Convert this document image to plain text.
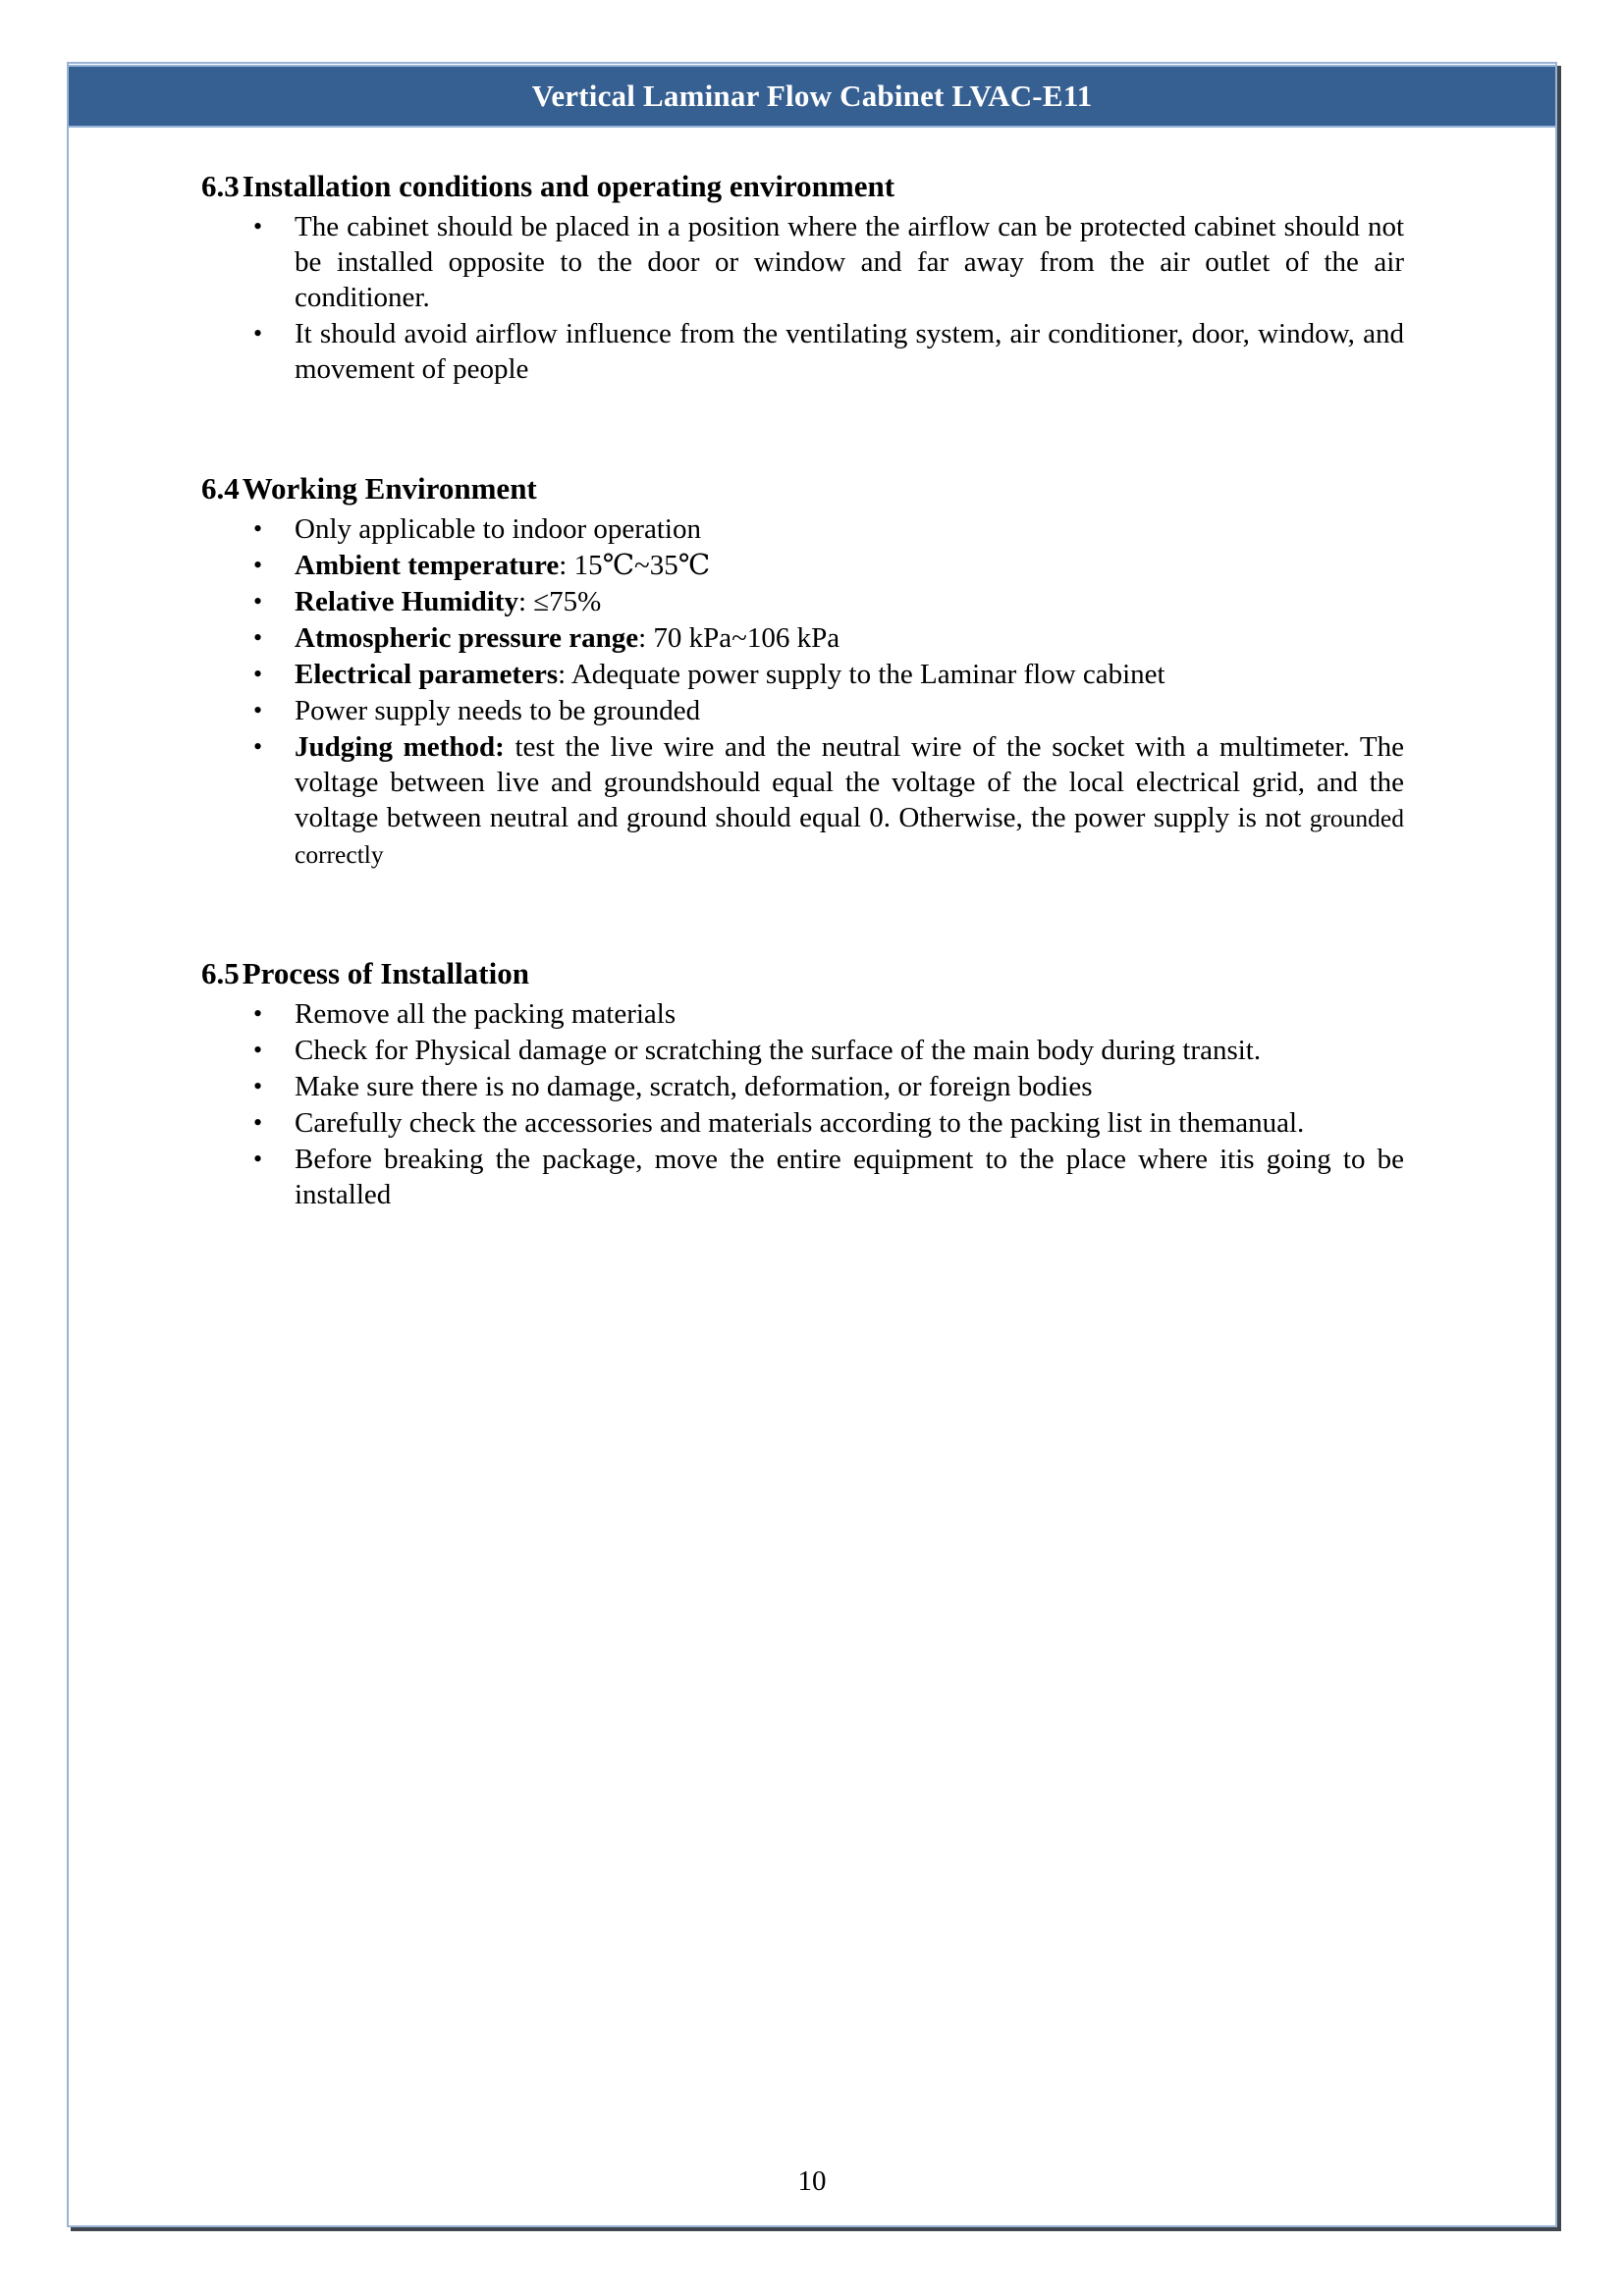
Vertical Laminar Flow Cabinet LVAC-E11
6.3Installation conditions and operating environment
•	The cabinet should be placed in a position where the airflow can be protected cabinet should not be installed opposite to the door or window and far away from the air outlet of the air conditioner.
•	It should avoid airflow influence from the ventilating system, air conditioner, door, window, and movement of people
6.4Working Environment
•	Only applicable to indoor operation
•	Ambient temperature: 15℃~35℃
•	Relative Humidity: ≤75%
•	Atmospheric pressure range: 70 kPa~106 kPa
•	Electrical parameters: Adequate power supply to the Laminar flow cabinet
•	Power supply needs to be grounded
•	Judging method: test the live wire and the neutral wire of the socket with a multimeter. The voltage between live and groundshould equal the voltage of the local electrical grid, and the voltage between neutral and ground should equal 0. Otherwise, the power supply is not grounded correctly
6.5Process of Installation
•	Remove all the packing materials
•	Check for Physical damage or scratching the surface of the main body during transit.
•	Make sure there is no damage, scratch, deformation, or foreign bodies
•	Carefully check the accessories and materials according to the packing list in themanual.
•	Before breaking the package, move the entire equipment to the place where itis going to be installed
10
